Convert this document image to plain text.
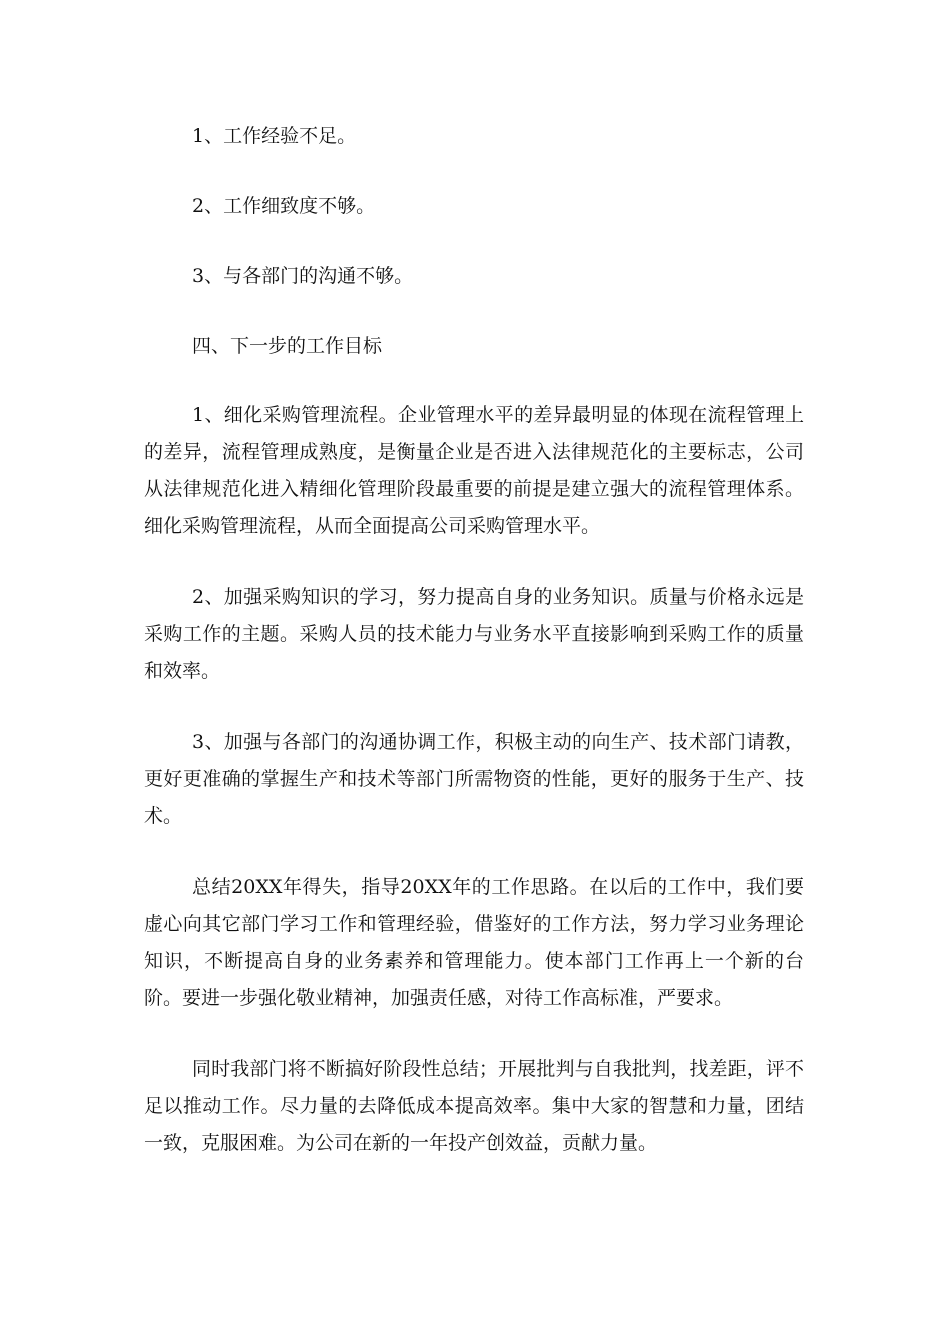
1、工作经验不足。

2、工作细致度不够。

3、与各部门的沟通不够。

四、下一步的工作目标

1、细化采购管理流程。企业管理水平的差异最明显的体现在流程管理上的差异，流程管理成熟度，是衡量企业是否进入法律规范化的主要标志，公司从法律规范化进入精细化管理阶段最重要的前提是建立强大的流程管理体系。细化采购管理流程，从而全面提高公司采购管理水平。

2、加强采购知识的学习，努力提高自身的业务知识。质量与价格永远是采购工作的主题。采购人员的技术能力与业务水平直接影响到采购工作的质量和效率。

3、加强与各部门的沟通协调工作，积极主动的向生产、技术部门请教，更好更准确的掌握生产和技术等部门所需物资的性能，更好的服务于生产、技术。

总结20XX年得失，指导20XX年的工作思路。在以后的工作中，我们要虚心向其它部门学习工作和管理经验，借鉴好的工作方法，努力学习业务理论知识，不断提高自身的业务素养和管理能力。使本部门工作再上一个新的台阶。要进一步强化敬业精神，加强责任感，对待工作高标准，严要求。

同时我部门将不断搞好阶段性总结；开展批判与自我批判，找差距，评不足以推动工作。尽力量的去降低成本提高效率。集中大家的智慧和力量，团结一致，克服困难。为公司在新的一年投产创效益，贡献力量。
